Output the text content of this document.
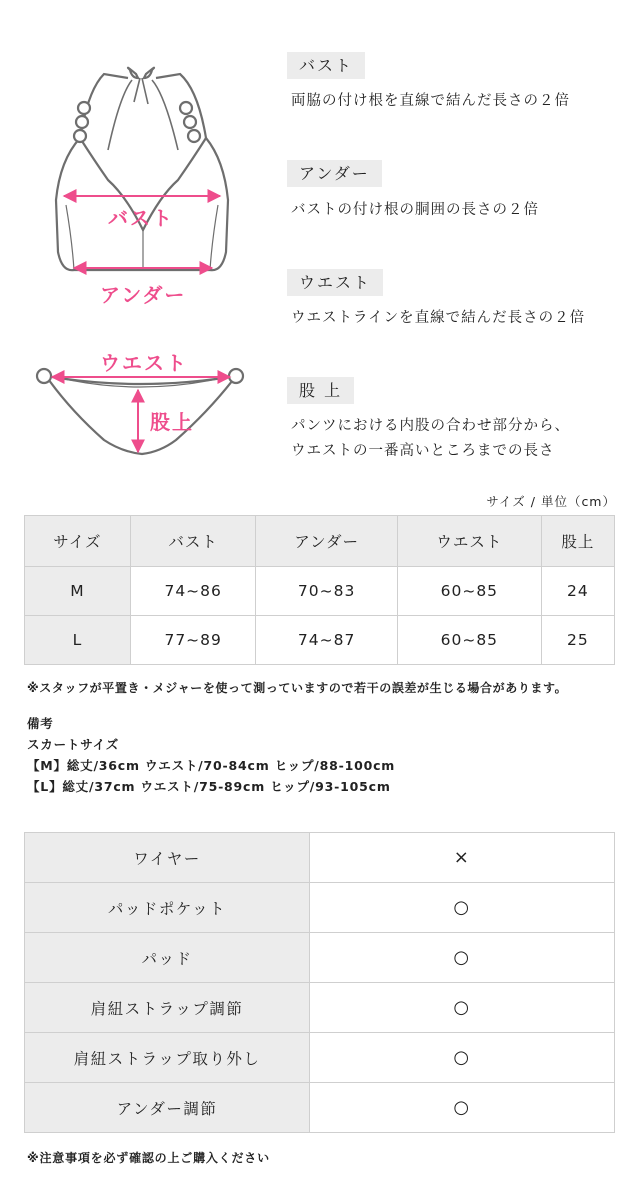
バスト
アンダー
ウエスト
股上
バスト
両脇の付け根を直線で結んだ長さの２倍
アンダー
バストの付け根の胴囲の長さの２倍
ウエスト
ウエストラインを直線で結んだ長さの２倍
股 上
パンツにおける内股の合わせ部分から、
ウエストの一番高いところまでの長さ
サイズ / 単位（cm）
サイズ	バスト	アンダー	ウエスト	股上
M	74~86	70~83	60~85	24
L	77~89	74~87	60~85	25
※スタッフが平置き・メジャーを使って測っていますので若干の誤差が生じる場合があります。
備考
スカートサイズ
【M】総丈/36cm ウエスト/70-84cm ヒップ/88-100cm
【L】総丈/37cm ウエスト/75-89cm ヒップ/93-105cm
ワイヤー	×
パッドポケット	○
パッド	○
肩紐ストラップ調節	○
肩紐ストラップ取り外し	○
アンダー調節	○
※注意事項を必ず確認の上ご購入ください
